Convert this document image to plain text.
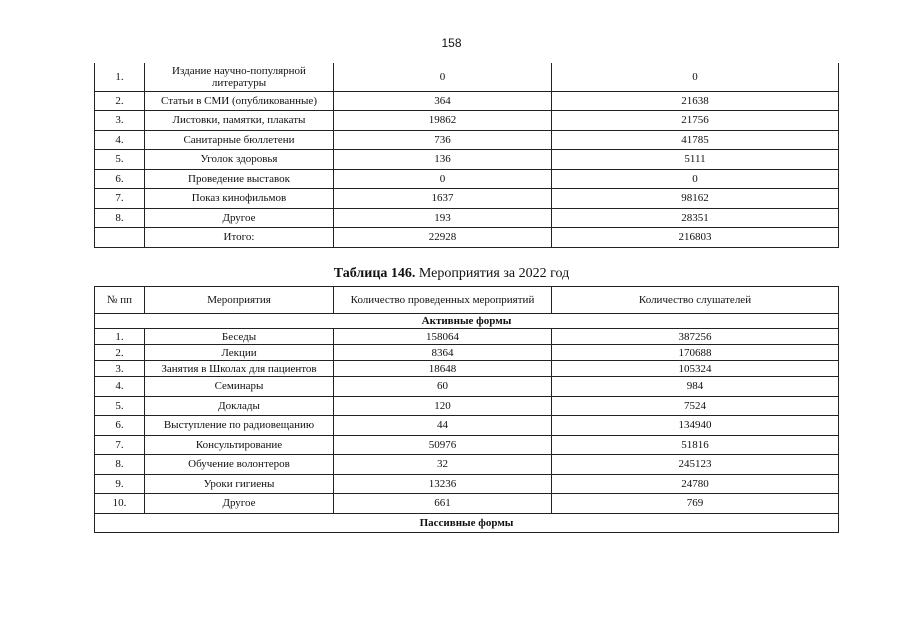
158
1.	Издание научно-популярной литературы	0	0
2.	Статьи в СМИ (опубликованные)	364	21638
3.	Листовки, памятки, плакаты	19862	21756
4.	Санитарные бюллетени	736	41785
5.	Уголок здоровья	136	5111
6.	Проведение выставок	0	0
7.	Показ кинофильмов	1637	98162
8.	Другое	193	28351
	Итого:	22928	216803
Таблица 146. Мероприятия за 2022 год
№ пп	Мероприятия	Количество проведенных мероприятий	Количество слушателей
Активные формы			
1.	Беседы	158064	387256
2.	Лекции	8364	170688
3.	Занятия в Школах для пациентов	18648	105324
4.	Семинары	60	984
5.	Доклады	120	7524
6.	Выступление по радиовещанию	44	134940
7.	Консультирование	50976	51816
8.	Обучение волонтеров	32	245123
9.	Уроки гигиены	13236	24780
10.	Другое	661	769
Пассивные формы			
